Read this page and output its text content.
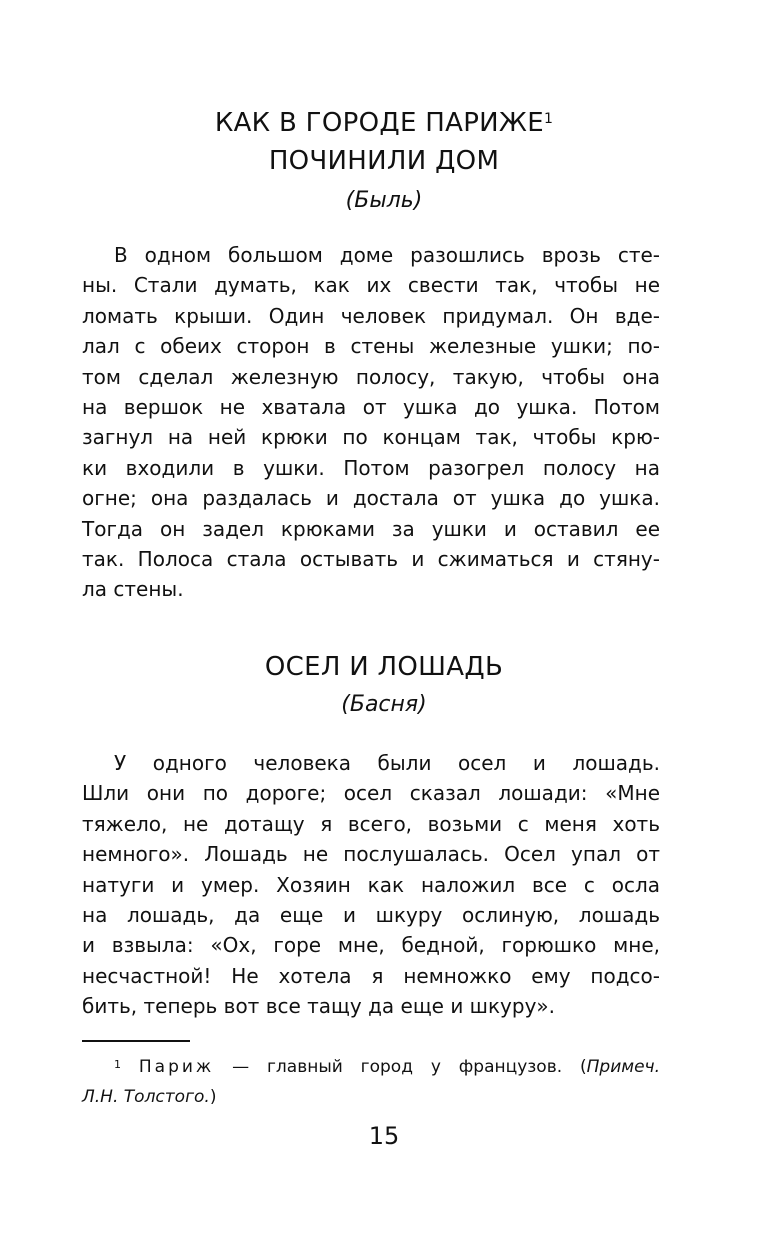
КАК В ГОРОДЕ ПАРИЖЕ$^1$
ПОЧИНИЛИ ДОМ
(Быль)
В одном большом доме разошлись врозь сте-
ны. Стали думать, как их свести так, чтобы не
ломать крыши. Один человек придумал. Он вде-
лал с обеих сторон в стены железные ушки; по-
том сделал железную полосу, такую, чтобы она
на вершок не хватала от ушка до ушка. Потом
загнул на ней крюки по концам так, чтобы крю-
ки входили в ушки. Потом разогрел полосу на
огне; она раздалась и достала от ушка до ушка.
Тогда он задел крюками за ушки и оставил ее
так. Полоса стала остывать и сжиматься и стяну-
ла стены.
ОСЕЛ И ЛОШАДЬ
(Басня)
У одного человека были осел и лошадь.
Шли они по дороге; осел сказал лошади: «Мне
тяжело, не дотащу я всего, возьми с меня хоть
немного». Лошадь не послушалась. Осел упал от
натуги и умер. Хозяин как наложил все с осла
на лошадь, да еще и шкуру ослиную, лошадь
и взвыла: «Ох, горе мне, бедной, горюшко мне,
несчастной! Не хотела я немножко ему подсо-
бить, теперь вот все тащу да еще и шкуру».
$^1$ Париж — главный город у французов. (Примеч.
Л.Н. Толстого.)
15
